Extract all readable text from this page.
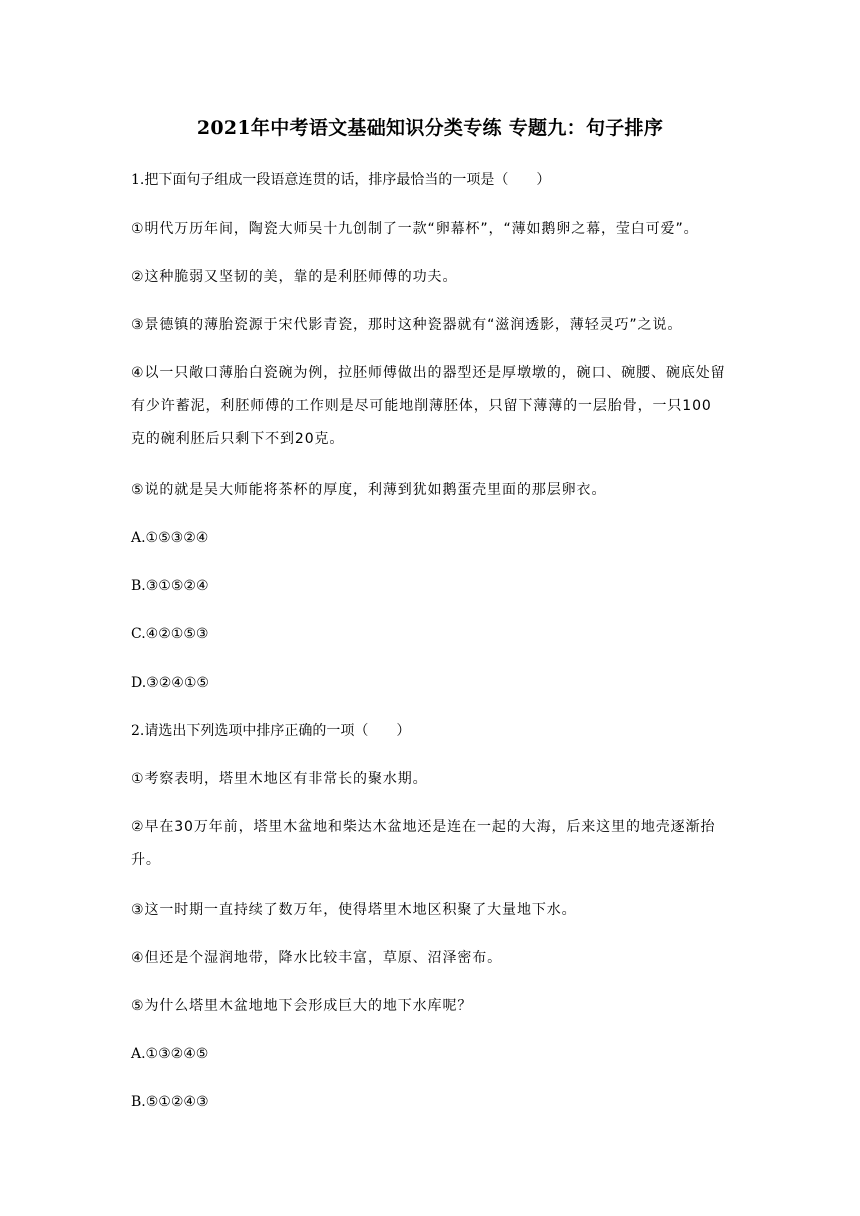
2021年中考语文基础知识分类专练 专题九：句子排序
1.把下面句子组成一段语意连贯的话，排序最恰当的一项是（　　）
①明代万历年间，陶瓷大师吴十九创制了一款“卵幕杯”，“薄如鹅卵之幕，莹白可爱”。
②这种脆弱又坚韧的美，靠的是利胚师傅的功夫。
③景德镇的薄胎瓷源于宋代影青瓷，那时这种瓷器就有“滋润透影，薄轻灵巧”之说。
④以一只敞口薄胎白瓷碗为例，拉胚师傅做出的器型还是厚墩墩的，碗口、碗腰、碗底处留
有少许蓄泥，利胚师傅的工作则是尽可能地削薄胚体，只留下薄薄的一层胎骨，一只100
克的碗利胚后只剩下不到20克。
⑤说的就是吴大师能将茶杯的厚度，利薄到犹如鹅蛋壳里面的那层卵衣。
A.①⑤③②④
B.③①⑤②④
C.④②①⑤③
D.③②④①⑤
2.请选出下列选项中排序正确的一项（　　）
①考察表明，塔里木地区有非常长的聚水期。
②早在30万年前，塔里木盆地和柴达木盆地还是连在一起的大海，后来这里的地壳逐渐抬
升。
③这一时期一直持续了数万年，使得塔里木地区积聚了大量地下水。
④但还是个湿润地带，降水比较丰富，草原、沼泽密布。
⑤为什么塔里木盆地地下会形成巨大的地下水库呢？
A.①③②④⑤
B.⑤①②④③
